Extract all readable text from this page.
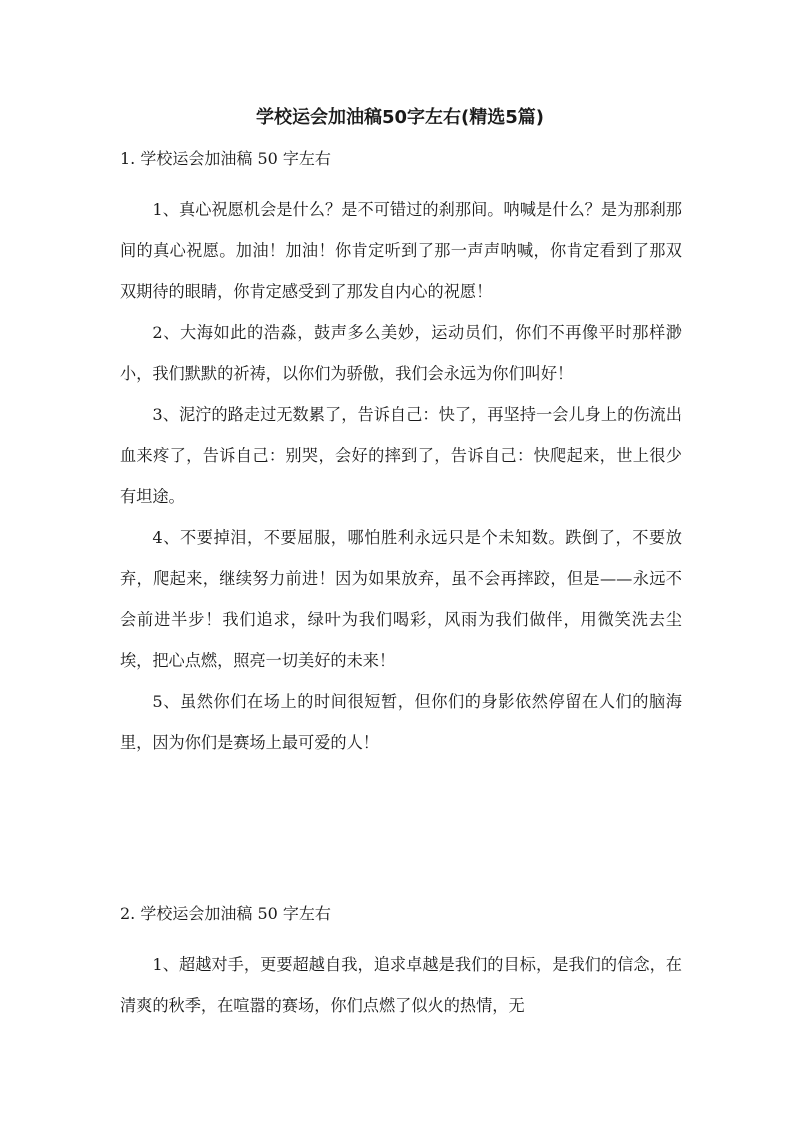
学校运会加油稿50字左右(精选5篇)
1. 学校运会加油稿 50 字左右

1、真心祝愿机会是什么？是不可错过的刹那间。呐喊是什么？是为那刹那间的真心祝愿。加油！加油！你肯定听到了那一声声呐喊，你肯定看到了那双双期待的眼睛，你肯定感受到了那发自内心的祝愿！

2、大海如此的浩淼，鼓声多么美妙，运动员们，你们不再像平时那样渺小，我们默默的祈祷，以你们为骄傲，我们会永远为你们叫好！

3、泥泞的路走过无数累了，告诉自己：快了，再坚持一会儿身上的伤流出血来疼了，告诉自己：别哭，会好的摔到了，告诉自己：快爬起来，世上很少有坦途。

4、不要掉泪，不要屈服，哪怕胜利永远只是个未知数。跌倒了，不要放弃，爬起来，继续努力前进！因为如果放弃，虽不会再摔跤，但是——永远不会前进半步！我们追求，绿叶为我们喝彩，风雨为我们做伴，用微笑洗去尘埃，把心点燃，照亮一切美好的未来！

5、虽然你们在场上的时间很短暂，但你们的身影依然停留在人们的脑海里，因为你们是赛场上最可爱的人！

2. 学校运会加油稿 50 字左右

1、超越对手，更要超越自我，追求卓越是我们的目标，是我们的信念，在清爽的秋季，在喧嚣的赛场，你们点燃了似火的热情，无
